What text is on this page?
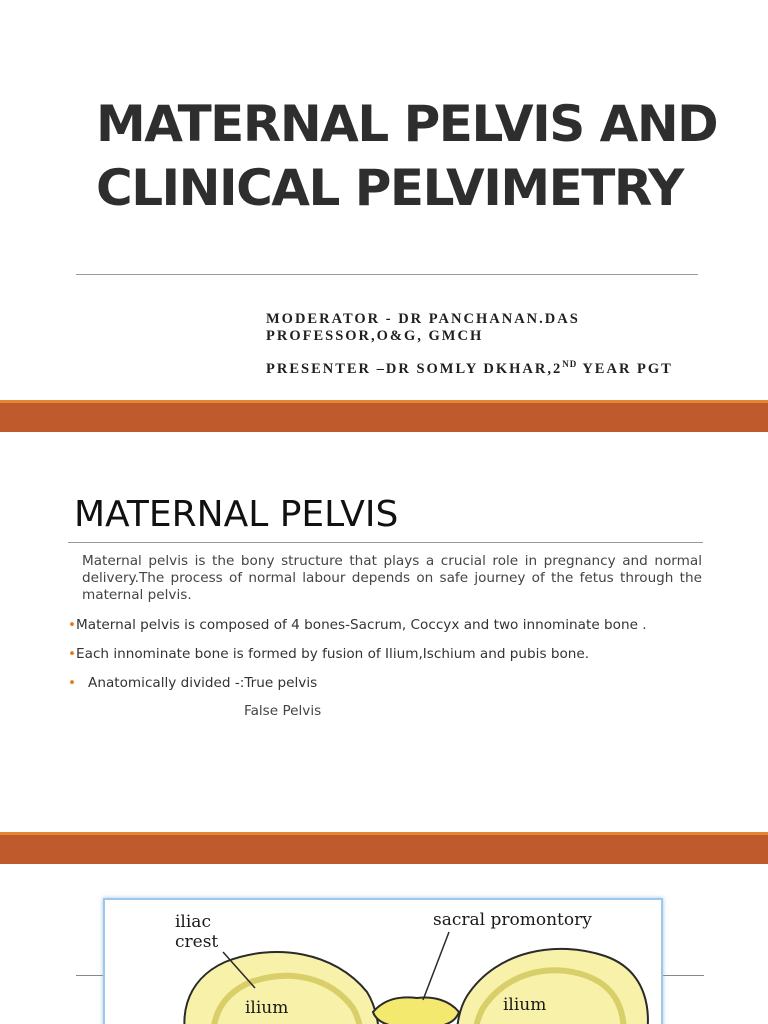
MATERNAL PELVIS AND
CLINICAL PELVIMETRY
MODERATOR - DR PANCHANAN.DAS
PROFESSOR,O&G, GMCH
PRESENTER –DR SOMLY DKHAR,2ND YEAR PGT
MATERNAL PELVIS

Maternal pelvis is the bony structure that plays a crucial role in pregnancy and normal delivery.The process of normal labour depends on safe journey of the fetus through the maternal pelvis.

•Maternal pelvis is composed of 4 bones-Sacrum, Coccyx and two innominate bone .

•Each innominate bone is formed by fusion of Ilium,Ischium and pubis bone.

• Anatomically divided -:True pelvis

False Pelvis

iliac
crest
sacral promontory
ilium	ilium
